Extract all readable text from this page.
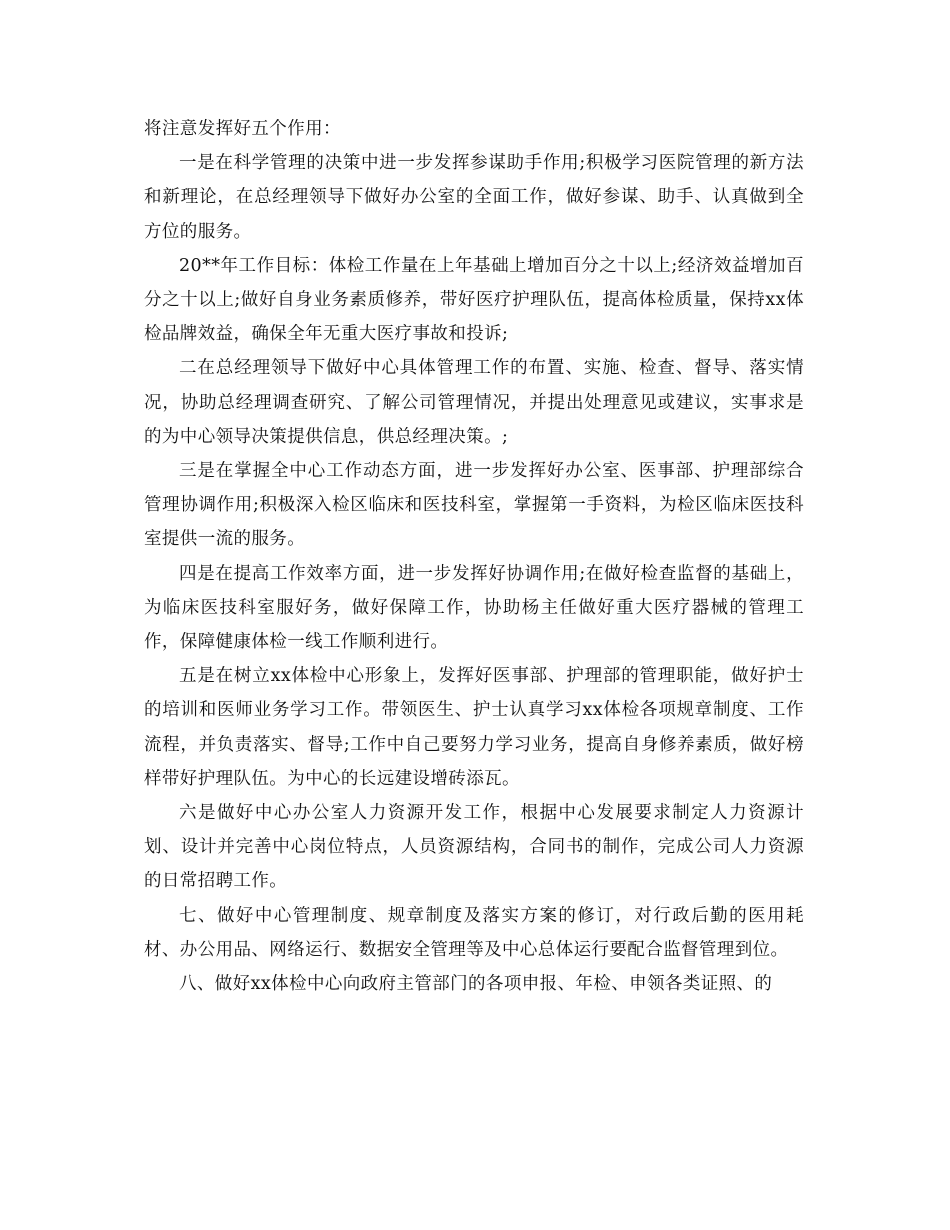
将注意发挥好五个作用：

一是在科学管理的决策中进一步发挥参谋助手作用;积极学习医院管理的新方法和新理论，在总经理领导下做好办公室的全面工作，做好参谋、助手、认真做到全方位的服务。

20**年工作目标：体检工作量在上年基础上增加百分之十以上;经济效益增加百分之十以上;做好自身业务素质修养，带好医疗护理队伍，提高体检质量，保持xx体检品牌效益，确保全年无重大医疗事故和投诉;

二在总经理领导下做好中心具体管理工作的布置、实施、检查、督导、落实情况，协助总经理调查研究、了解公司管理情况，并提出处理意见或建议，实事求是的为中心领导决策提供信息，供总经理决策。;

三是在掌握全中心工作动态方面，进一步发挥好办公室、医事部、护理部综合管理协调作用;积极深入检区临床和医技科室，掌握第一手资料，为检区临床医技科室提供一流的服务。

四是在提高工作效率方面，进一步发挥好协调作用;在做好检查监督的基础上，为临床医技科室服好务，做好保障工作，协助杨主任做好重大医疗器械的管理工作，保障健康体检一线工作顺利进行。

五是在树立xx体检中心形象上，发挥好医事部、护理部的管理职能，做好护士的培训和医师业务学习工作。带领医生、护士认真学习xx体检各项规章制度、工作流程，并负责落实、督导;工作中自己要努力学习业务，提高自身修养素质，做好榜样带好护理队伍。为中心的长远建设增砖添瓦。

六是做好中心办公室人力资源开发工作，根据中心发展要求制定人力资源计划、设计并完善中心岗位特点，人员资源结构，合同书的制作，完成公司人力资源的日常招聘工作。

七、做好中心管理制度、规章制度及落实方案的修订，对行政后勤的医用耗材、办公用品、网络运行、数据安全管理等及中心总体运行要配合监督管理到位。

八、做好xx体检中心向政府主管部门的各项申报、年检、申领各类证照、的
